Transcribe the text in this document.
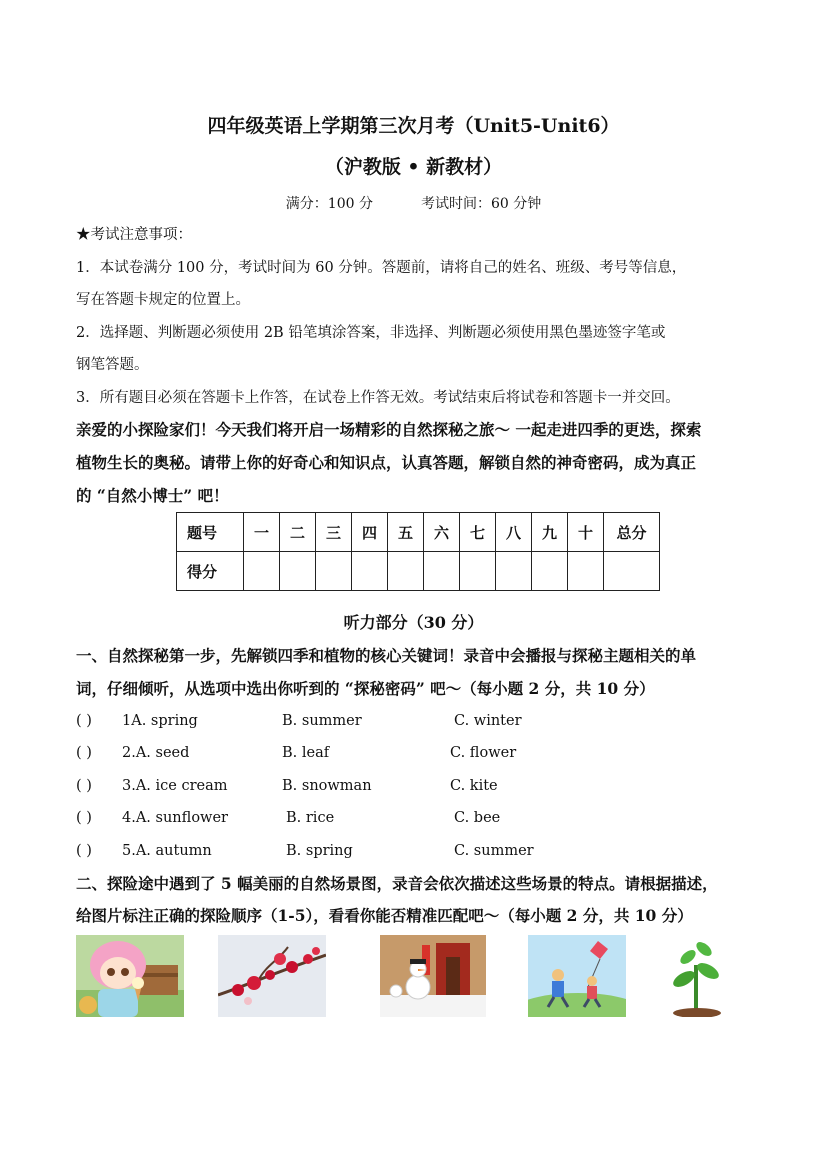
四年级英语上学期第三次月考（Unit5-Unit6）
（沪教版 • 新教材）
满分：100 分	考试时间：60 分钟
★考试注意事项：
1．本试卷满分 100 分，考试时间为 60 分钟。答题前，请将自己的姓名、班级、考号等信息，
写在答题卡规定的位置上。
2．选择题、判断题必须使用 2B 铅笔填涂答案，非选择、判断题必须使用黑色墨迹签字笔或
钢笔答题。
3．所有题目必须在答题卡上作答，在试卷上作答无效。考试结束后将试卷和答题卡一并交回。
亲爱的小探险家们！今天我们将开启一场精彩的自然探秘之旅～ 一起走进四季的更迭，探索
植物生长的奥秘。请带上你的好奇心和知识点，认真答题，解锁自然的神奇密码，成为真正
的 “自然小博士” 吧！
题号	一	二	三	四	五	六	七	八	九	十	总分
得分											
听力部分（30 分）
一、自然探秘第一步，先解锁四季和植物的核心关键词！录音中会播报与探秘主题相关的单
词，仔细倾听，从选项中选出你听到的 “探秘密码” 吧～（每小题 2 分，共 10 分）
( ) 1A. spring	B. summer	C. winter
( ) 2.A. seed	B. leaf	C. flower
( ) 3.A. ice cream	B. snowman	C. kite
( ) 4.A. sunflower	B. rice	C. bee
( ) 5.A. autumn	B. spring	C. summer
二、探险途中遇到了 5 幅美丽的自然场景图，录音会依次描述这些场景的特点。请根据描述，
给图片标注正确的探险顺序（1-5），看看你能否精准匹配吧～（每小题 2 分，共 10 分）
